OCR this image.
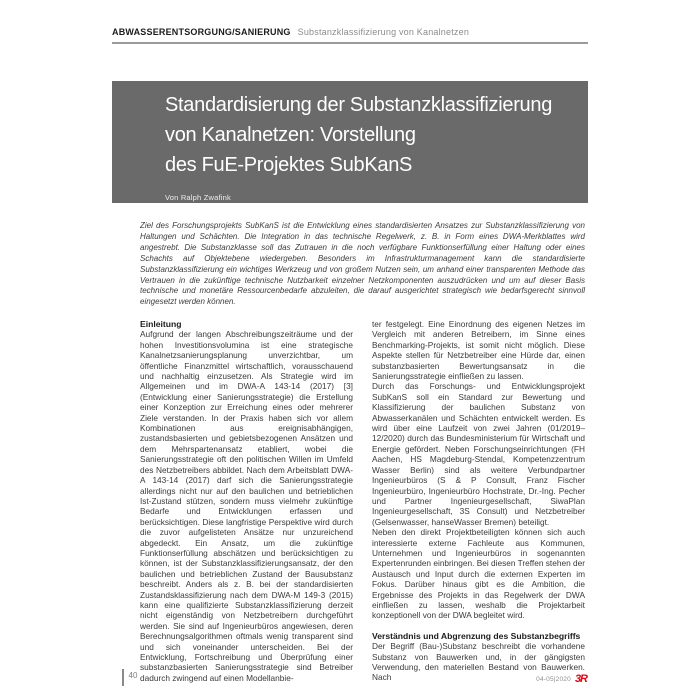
ABWASSERENTSORGUNG/SANIERUNG Substanzklassifizierung von Kanalnetzen
Standardisierung der Substanzklassifizierung
von Kanalnetzen: Vorstellung
des FuE-Projektes SubKanS
Von Ralph Zwafink

Ziel des Forschungsprojekts SubKanS ist die Entwicklung eines standardisierten Ansatzes zur Substanzklassifizierung von Haltungen und Schächten. Die Integration in das technische Regelwerk, z. B. in Form eines DWA-Merkblattes wird angestrebt. Die Substanzklasse soll das Zutrauen in die noch verfügbare Funktionserfüllung einer Haltung oder eines Schachts auf Objektebene wiedergeben. Besonders im Infrastrukturmanagement kann die standardisierte Substanzklassifizierung ein wichtiges Werkzeug und von großem Nutzen sein, um anhand einer transparenten Methode das Vertrauen in die zukünftige technische Nutzbarkeit einzelner Netzkomponenten auszudrücken und um auf dieser Basis technische und monetäre Ressourcenbedarfe abzuleiten, die darauf ausgerichtet strategisch wie bedarfsgerecht sinnvoll eingesetzt werden können.

Einleitung

Aufgrund der langen Abschreibungszeiträume und der hohen Investitionsvolumina ist eine strategische Kanalnetzsanierungsplanung unverzichtbar, um öffentliche Finanzmittel wirtschaftlich, vorausschauend und nachhaltig einzusetzen. Als Strategie wird im Allgemeinen und im DWA-A 143-14 (2017) [3] (Entwicklung einer Sanierungsstrategie) die Erstellung einer Konzeption zur Erreichung eines oder mehrerer Ziele verstanden. In der Praxis haben sich vor allem Kombinationen aus ereignisabhängigen, zustandsbasierten und gebietsbezogenen Ansätzen und dem Mehrspartenansatz etabliert, wobei die Sanierungsstrategie oft den politischen Willen im Umfeld des Netzbetreibers abbildet. Nach dem Arbeitsblatt DWA-A 143-14 (2017) darf sich die Sanierungsstrategie allerdings nicht nur auf den baulichen und betrieblichen Ist-Zustand stützen, sondern muss vielmehr zukünftige Bedarfe und Entwicklungen erfassen und berücksichtigen. Diese langfristige Perspektive wird durch die zuvor aufgelisteten Ansätze nur unzureichend abgedeckt. Ein Ansatz, um die zukünftige Funktionserfüllung abschätzen und berücksichtigen zu können, ist der Substanzklassifizierungsansatz, der den baulichen und betrieblichen Zustand der Bausubstanz beschreibt. Anders als z. B. bei der standardisierten Zustandsklassifizierung nach dem DWA-M 149-3 (2015) kann eine qualifizierte Substanzklassifizierung derzeit nicht eigenständig von Netzbetreibern durchgeführt werden. Sie sind auf Ingenieurbüros angewiesen, deren Berechnungsalgorithmen oftmals wenig transparent sind und sich voneinander unterscheiden. Bei der Entwicklung, Fortschreibung und Überprüfung einer substanzbasierten Sanierungsstrategie sind Betreiber dadurch zwingend auf einen Modellanbie-

ter festgelegt. Eine Einordnung des eigenen Netzes im Vergleich mit anderen Betreibern, im Sinne eines Benchmarking-Projekts, ist somit nicht möglich. Diese Aspekte stellen für Netzbetreiber eine Hürde dar, einen substanzbasierten Bewertungsansatz in die Sanierungsstrategie einfließen zu lassen.

Durch das Forschungs- und Entwicklungsprojekt SubKanS soll ein Standard zur Bewertung und Klassifizierung der baulichen Substanz von Abwasserkanälen und Schächten entwickelt werden. Es wird über eine Laufzeit von zwei Jahren (01/2019–12/2020) durch das Bundesministerium für Wirtschaft und Energie gefördert. Neben Forschungseinrichtungen (FH Aachen, HS Magdeburg-Stendal, Kompetenzzentrum Wasser Berlin) sind als weitere Verbundpartner Ingenieurbüros (S & P Consult, Franz Fischer Ingenieurbüro, Ingenieurbüro Hochstrate, Dr.-Ing. Pecher und Partner Ingenieurgesellschaft, SiwaPlan Ingenieurgesellschaft, 3S Consult) und Netzbetreiber (Gelsenwasser, hanseWasser Bremen) beteiligt.

Neben den direkt Projektbeteiligten können sich auch interessierte externe Fachleute aus Kommunen, Unternehmen und Ingenieurbüros in sogenannten Expertenrunden einbringen. Bei diesen Treffen stehen der Austausch und Input durch die externen Experten im Fokus. Darüber hinaus gibt es die Ambition, die Ergebnisse des Projekts in das Regelwerk der DWA einfließen zu lassen, weshalb die Projektarbeit konzeptionell von der DWA begleitet wird.

Verständnis und Abgrenzung des Substanzbegriffs

Der Begriff (Bau-)Substanz beschreibt die vorhandene Substanz von Bauwerken und, in der gängigsten Verwendung, den materiellen Bestand von Bauwerken. Nach

40	04-05|2020 3R
